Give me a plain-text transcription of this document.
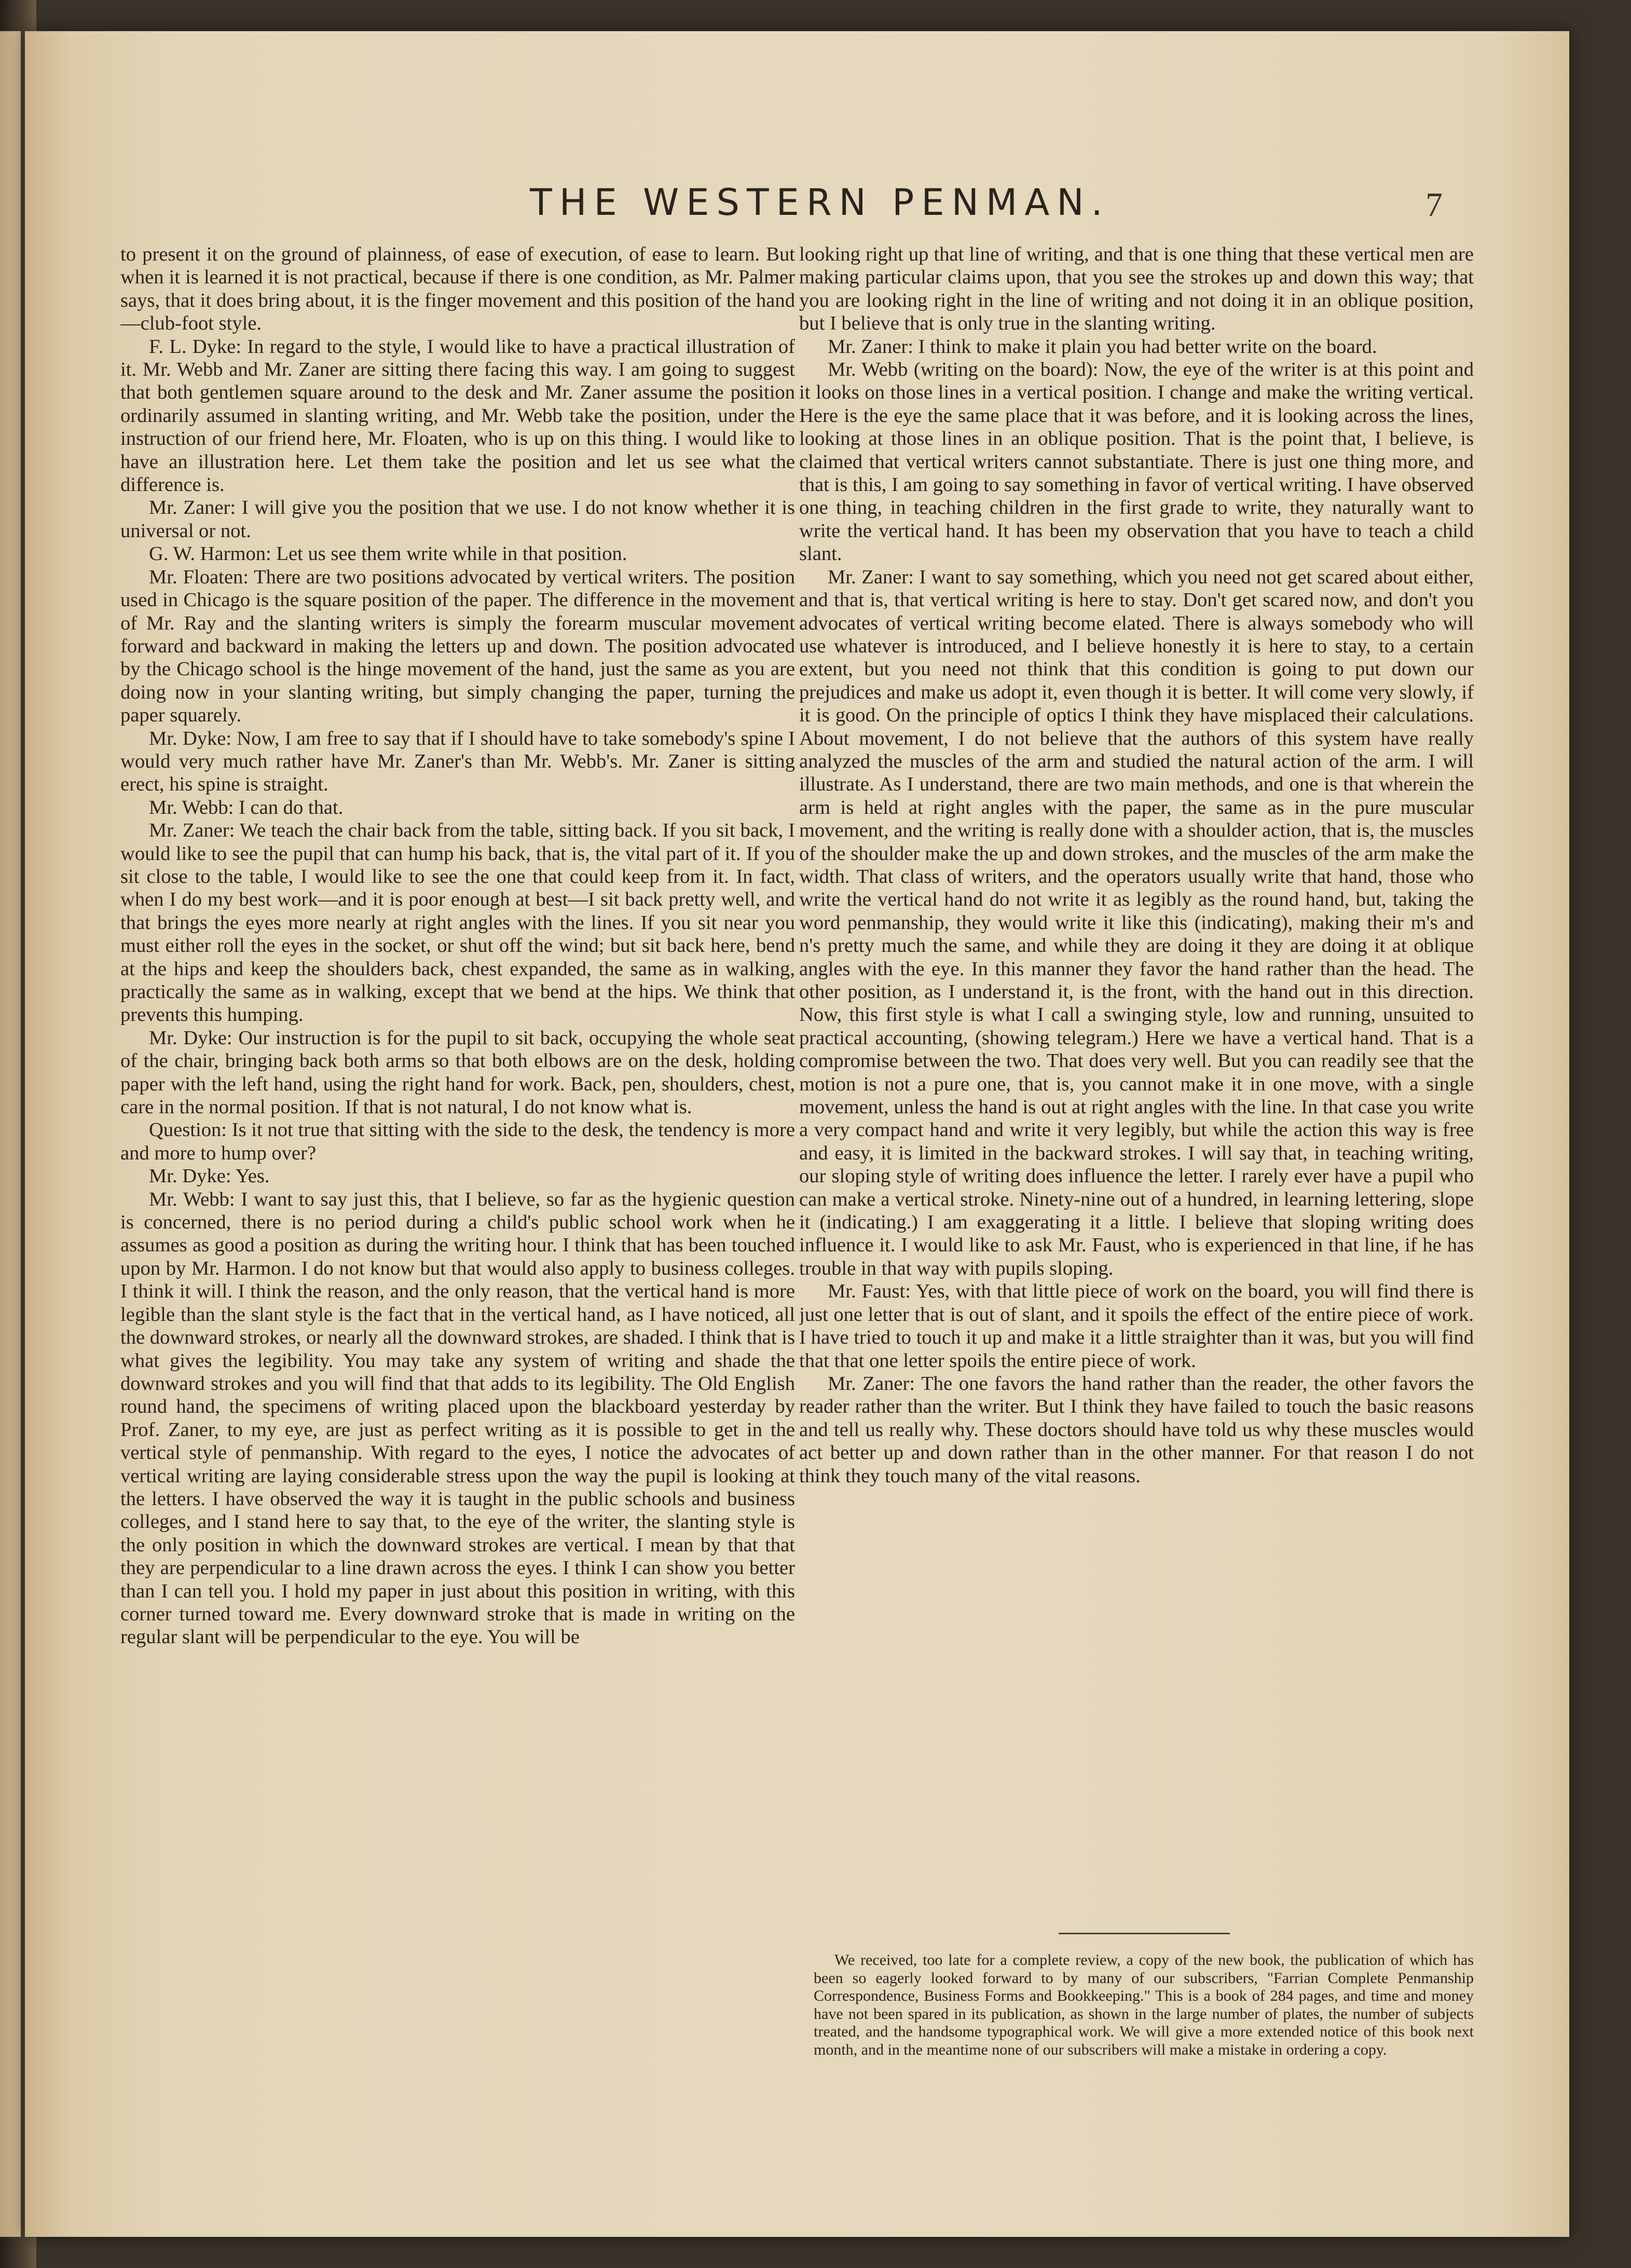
THE WESTERN PENMAN.	7

to present it on the ground of plainness, of ease of execution, of ease to learn. But when it is learned it is not practical, because if there is one condition, as Mr. Palmer says, that it does bring about, it is the finger movement and this position of the hand—club-foot style.

F. L. Dyke: In regard to the style, I would like to have a practical illustration of it. Mr. Webb and Mr. Zaner are sitting there facing this way. I am going to suggest that both gentlemen square around to the desk and Mr. Zaner assume the position ordinarily assumed in slanting writing, and Mr. Webb take the position, under the instruction of our friend here, Mr. Floaten, who is up on this thing. I would like to have an illustration here. Let them take the position and let us see what the difference is.

Mr. Zaner: I will give you the position that we use. I do not know whether it is universal or not.

G. W. Harmon: Let us see them write while in that position.

Mr. Floaten: There are two positions advocated by vertical writers. The position used in Chicago is the square position of the paper. The difference in the movement of Mr. Ray and the slanting writers is simply the forearm muscular movement forward and backward in making the letters up and down. The position advocated by the Chicago school is the hinge movement of the hand, just the same as you are doing now in your slanting writing, but simply changing the paper, turning the paper squarely.

Mr. Dyke: Now, I am free to say that if I should have to take somebody's spine I would very much rather have Mr. Zaner's than Mr. Webb's. Mr. Zaner is sitting erect, his spine is straight.

Mr. Webb: I can do that.

Mr. Zaner: We teach the chair back from the table, sitting back. If you sit back, I would like to see the pupil that can hump his back, that is, the vital part of it. If you sit close to the table, I would like to see the one that could keep from it. In fact, when I do my best work—and it is poor enough at best—I sit back pretty well, and that brings the eyes more nearly at right angles with the lines. If you sit near you must either roll the eyes in the socket, or shut off the wind; but sit back here, bend at the hips and keep the shoulders back, chest expanded, the same as in walking, practically the same as in walking, except that we bend at the hips. We think that prevents this humping.

Mr. Dyke: Our instruction is for the pupil to sit back, occupying the whole seat of the chair, bringing back both arms so that both elbows are on the desk, holding paper with the left hand, using the right hand for work. Back, pen, shoulders, chest, care in the normal position. If that is not natural, I do not know what is.

Question: Is it not true that sitting with the side to the desk, the tendency is more and more to hump over?

Mr. Dyke: Yes.

Mr. Webb: I want to say just this, that I believe, so far as the hygienic question is concerned, there is no period during a child's public school work when he assumes as good a position as during the writing hour. I think that has been touched upon by Mr. Harmon. I do not know but that would also apply to business colleges. I think it will. I think the reason, and the only reason, that the vertical hand is more legible than the slant style is the fact that in the vertical hand, as I have noticed, all the downward strokes, or nearly all the downward strokes, are shaded. I think that is what gives the legibility. You may take any system of writing and shade the downward strokes and you will find that that adds to its legibility. The Old English round hand, the specimens of writing placed upon the blackboard yesterday by Prof. Zaner, to my eye, are just as perfect writing as it is possible to get in the vertical style of penmanship. With regard to the eyes, I notice the advocates of vertical writing are laying considerable stress upon the way the pupil is looking at the letters. I have observed the way it is taught in the public schools and business colleges, and I stand here to say that, to the eye of the writer, the slanting style is the only position in which the downward strokes are vertical. I mean by that that they are perpendicular to a line drawn across the eyes. I think I can show you better than I can tell you. I hold my paper in just about this position in writing, with this corner turned toward me. Every downward stroke that is made in writing on the regular slant will be perpendicular to the eye. You will be

looking right up that line of writing, and that is one thing that these vertical men are making particular claims upon, that you see the strokes up and down this way; that you are looking right in the line of writing and not doing it in an oblique position, but I believe that is only true in the slanting writing.

Mr. Zaner: I think to make it plain you had better write on the board.

Mr. Webb (writing on the board): Now, the eye of the writer is at this point and it looks on those lines in a vertical position. I change and make the writing vertical. Here is the eye the same place that it was before, and it is looking across the lines, looking at those lines in an oblique position. That is the point that, I believe, is claimed that vertical writers cannot substantiate. There is just one thing more, and that is this, I am going to say something in favor of vertical writing. I have observed one thing, in teaching children in the first grade to write, they naturally want to write the vertical hand. It has been my observation that you have to teach a child slant.

Mr. Zaner: I want to say something, which you need not get scared about either, and that is, that vertical writing is here to stay. Don't get scared now, and don't you advocates of vertical writing become elated. There is always somebody who will use whatever is introduced, and I believe honestly it is here to stay, to a certain extent, but you need not think that this condition is going to put down our prejudices and make us adopt it, even though it is better. It will come very slowly, if it is good. On the principle of optics I think they have misplaced their calculations. About movement, I do not believe that the authors of this system have really analyzed the muscles of the arm and studied the natural action of the arm. I will illustrate. As I understand, there are two main methods, and one is that wherein the arm is held at right angles with the paper, the same as in the pure muscular movement, and the writing is really done with a shoulder action, that is, the muscles of the shoulder make the up and down strokes, and the muscles of the arm make the width. That class of writers, and the operators usually write that hand, those who write the vertical hand do not write it as legibly as the round hand, but, taking the word penmanship, they would write it like this (indicating), making their m's and n's pretty much the same, and while they are doing it they are doing it at oblique angles with the eye. In this manner they favor the hand rather than the head. The other position, as I understand it, is the front, with the hand out in this direction. Now, this first style is what I call a swinging style, low and running, unsuited to practical accounting, (showing telegram.) Here we have a vertical hand. That is a compromise between the two. That does very well. But you can readily see that the motion is not a pure one, that is, you cannot make it in one move, with a single movement, unless the hand is out at right angles with the line. In that case you write a very compact hand and write it very legibly, but while the action this way is free and easy, it is limited in the backward strokes. I will say that, in teaching writing, our sloping style of writing does influence the letter. I rarely ever have a pupil who can make a vertical stroke. Ninety-nine out of a hundred, in learning lettering, slope it (indicating.) I am exaggerating it a little. I believe that sloping writing does influence it. I would like to ask Mr. Faust, who is experienced in that line, if he has trouble in that way with pupils sloping.

Mr. Faust: Yes, with that little piece of work on the board, you will find there is just one letter that is out of slant, and it spoils the effect of the entire piece of work. I have tried to touch it up and make it a little straighter than it was, but you will find that that one letter spoils the entire piece of work.

Mr. Zaner: The one favors the hand rather than the reader, the other favors the reader rather than the writer. But I think they have failed to touch the basic reasons and tell us really why. These doctors should have told us why these muscles would act better up and down rather than in the other manner. For that reason I do not think they touch many of the vital reasons.

We received, too late for a complete review, a copy of the new book, the publication of which has been so eagerly looked forward to by many of our subscribers, "Farrian Complete Penmanship Correspondence, Business Forms and Bookkeeping." This is a book of 284 pages, and time and money have not been spared in its publication, as shown in the large number of plates, the number of subjects treated, and the handsome typographical work. We will give a more extended notice of this book next month, and in the meantime none of our subscribers will make a mistake in ordering a copy.
